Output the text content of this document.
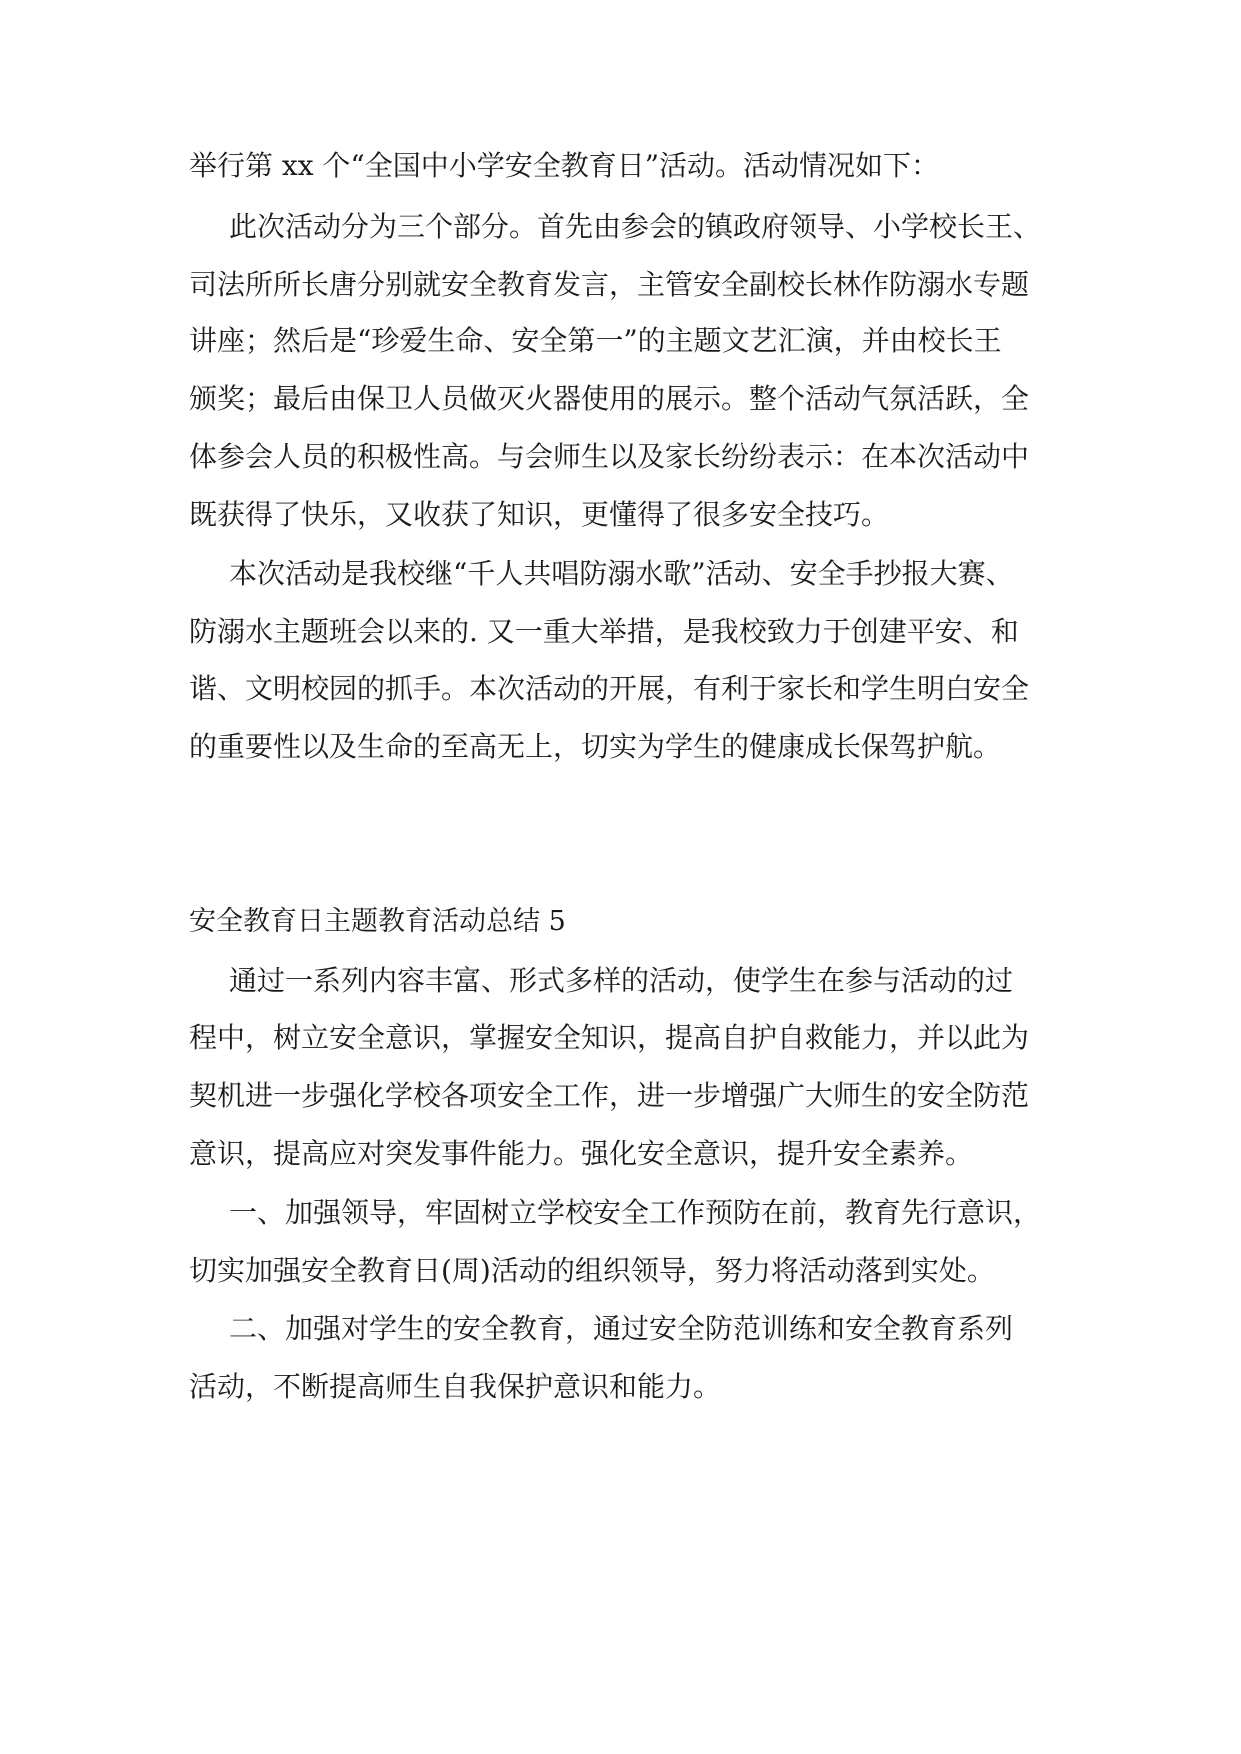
举行第 xx 个“全国中小学安全教育日”活动。活动情况如下：

此次活动分为三个部分。首先由参会的镇政府领导、小学校长王、

司法所所长唐分别就安全教育发言，主管安全副校长林作防溺水专题

讲座；然后是“珍爱生命、安全第一”的主题文艺汇演，并由校长王

颁奖；最后由保卫人员做灭火器使用的展示。整个活动气氛活跃，全

体参会人员的积极性高。与会师生以及家长纷纷表示：在本次活动中

既获得了快乐，又收获了知识，更懂得了很多安全技巧。

本次活动是我校继“千人共唱防溺水歌”活动、安全手抄报大赛、

防溺水主题班会以来的. 又一重大举措，是我校致力于创建平安、和

谐、文明校园的抓手。本次活动的开展，有利于家长和学生明白安全

的重要性以及生命的至高无上，切实为学生的健康成长保驾护航。

安全教育日主题教育活动总结 5

通过一系列内容丰富、形式多样的活动，使学生在参与活动的过

程中，树立安全意识，掌握安全知识，提高自护自救能力，并以此为

契机进一步强化学校各项安全工作，进一步增强广大师生的安全防范

意识，提高应对突发事件能力。强化安全意识，提升安全素养。

一、加强领导，牢固树立学校安全工作预防在前，教育先行意识，

切实加强安全教育日(周)活动的组织领导，努力将活动落到实处。

二、加强对学生的安全教育，通过安全防范训练和安全教育系列

活动，不断提高师生自我保护意识和能力。
